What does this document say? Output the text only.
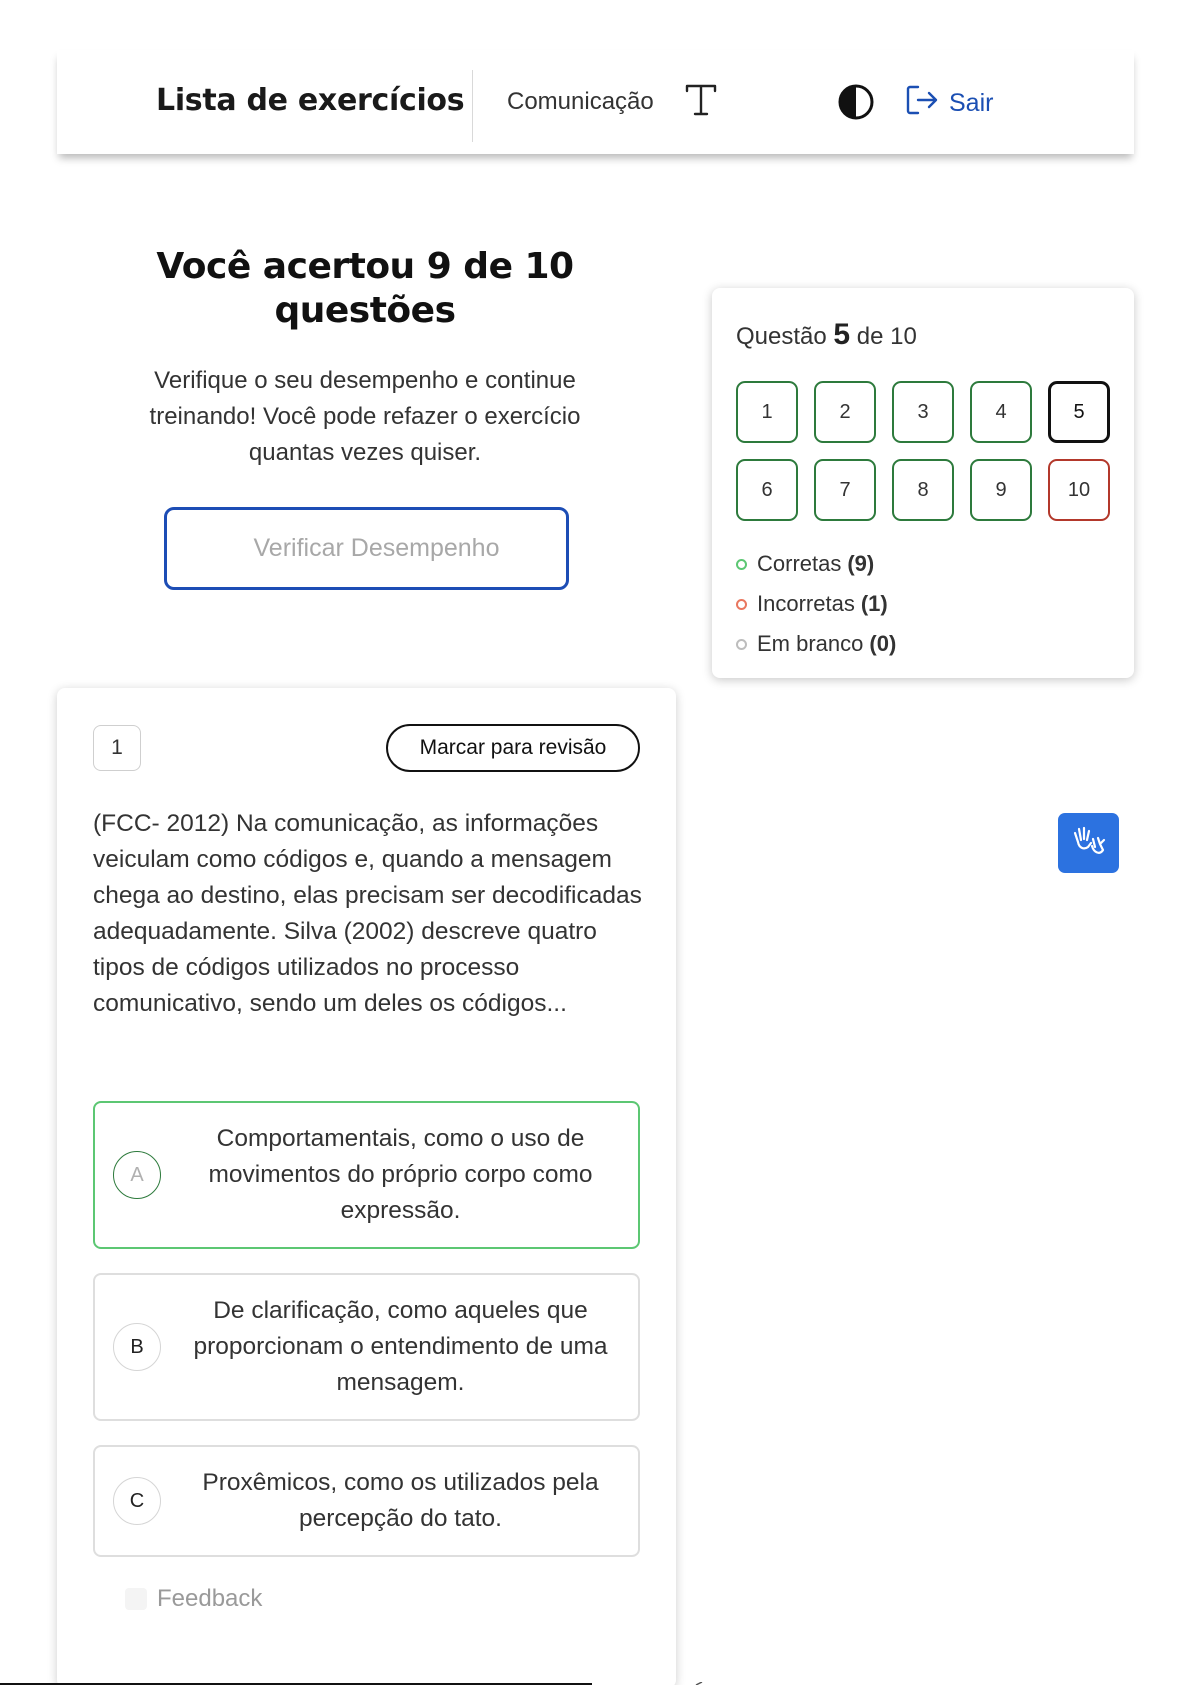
Lista de exercícios Comunicação	Sair
Você acertou 9 de 10 questões
Verifique o seu desempenho e continue treinando! Você pode refazer o exercício quantas vezes quiser.
Verificar Desempenho
Questão 5 de 10
1	2	3	4	5
6	7	8	9	10
Corretas (9)
Incorretas (1)
Em branco (0)
1	Marcar para revisão
(FCC- 2012) Na comunicação, as informações veiculam como códigos e, quando a mensagem chega ao destino, elas precisam ser decodificadas adequadamente. Silva (2002) descreve quatro tipos de códigos utilizados no processo comunicativo, sendo um deles os códigos...
A
Comportamentais, como o uso de movimentos do próprio corpo como expressão.
B
De clarificação, como aqueles que proporcionam o entendimento de uma mensagem.
C
Proxêmicos, como os utilizados pela percepção do tato.
Feedback
